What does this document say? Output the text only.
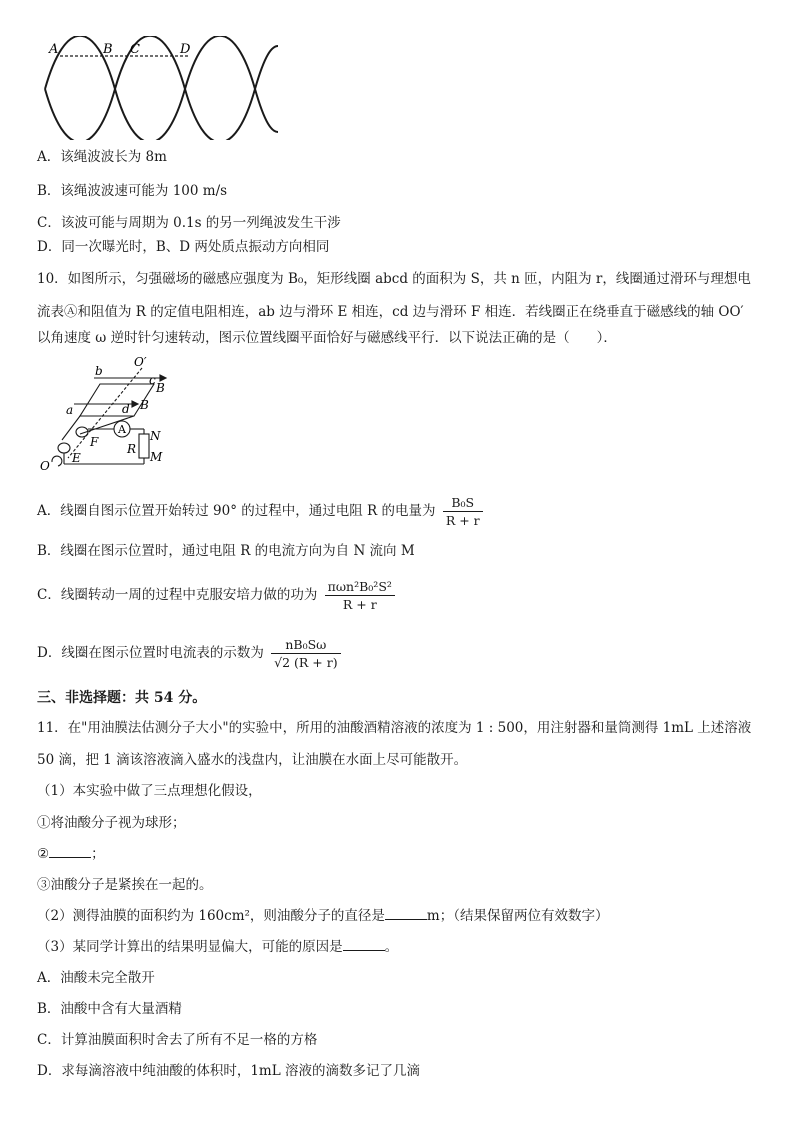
A	B C	D
A．该绳波波长为 8m
B．该绳波波速可能为 100 m/s
C．该波可能与周期为 0.1s 的另一列绳波发生干涉
D．同一次曝光时，B、D 两处质点振动方向相同
10．如图所示，匀强磁场的磁感应强度为 B₀，矩形线圈 abcd 的面积为 S，共 n 匝，内阻为 r，线圈通过滑环与理想电
流表Ⓐ和阻值为 R 的定值电阻相连，ab 边与滑环 E 相连，cd 边与滑环 F 相连．若线圈正在绕垂直于磁感线的轴 OO′
以角速度 ω 逆时针匀速转动，图示位置线圈平面恰好与磁感线平行．以下说法正确的是（　　）．
O′
b
c
B
a	d B
F
A N
R
M
O
E
A．线圈自图示位置开始转过 90° 的过程中，通过电阻 R 的电量为 $\frac{\text{B₀S}}{R + r}$
B．线圈在图示位置时，通过电阻 R 的电流方向为自 N 流向 M
C．线圈转动一周的过程中克服安培力做的功为 $\frac{\text{πωn²B₀²S²}}{R + r}$
D．线圈在图示位置时电流表的示数为 $\frac{\text{nB₀Sω}}{√2 (R + r)}$
三、非选择题：共 54 分。
11．在"用油膜法估测分子大小"的实验中，所用的油酸酒精溶液的浓度为 1 : 500，用注射器和量筒测得 1mL 上述溶液 50 滴，把 1 滴该溶液滴入盛水的浅盘内，让油膜在水面上尽可能散开。
（1）本实验中做了三点理想化假设，
①将油酸分子视为球形；
②	；
③油酸分子是紧挨在一起的。
（2）测得油膜的面积约为 160cm²，则油酸分子的直径是	m；（结果保留两位有效数字）
（3）某同学计算出的结果明显偏大，可能的原因是	。
A．油酸未完全散开
B．油酸中含有大量酒精
C．计算油膜面积时舍去了所有不足一格的方格
D．求每滴溶液中纯油酸的体积时，1mL 溶液的滴数多记了几滴
